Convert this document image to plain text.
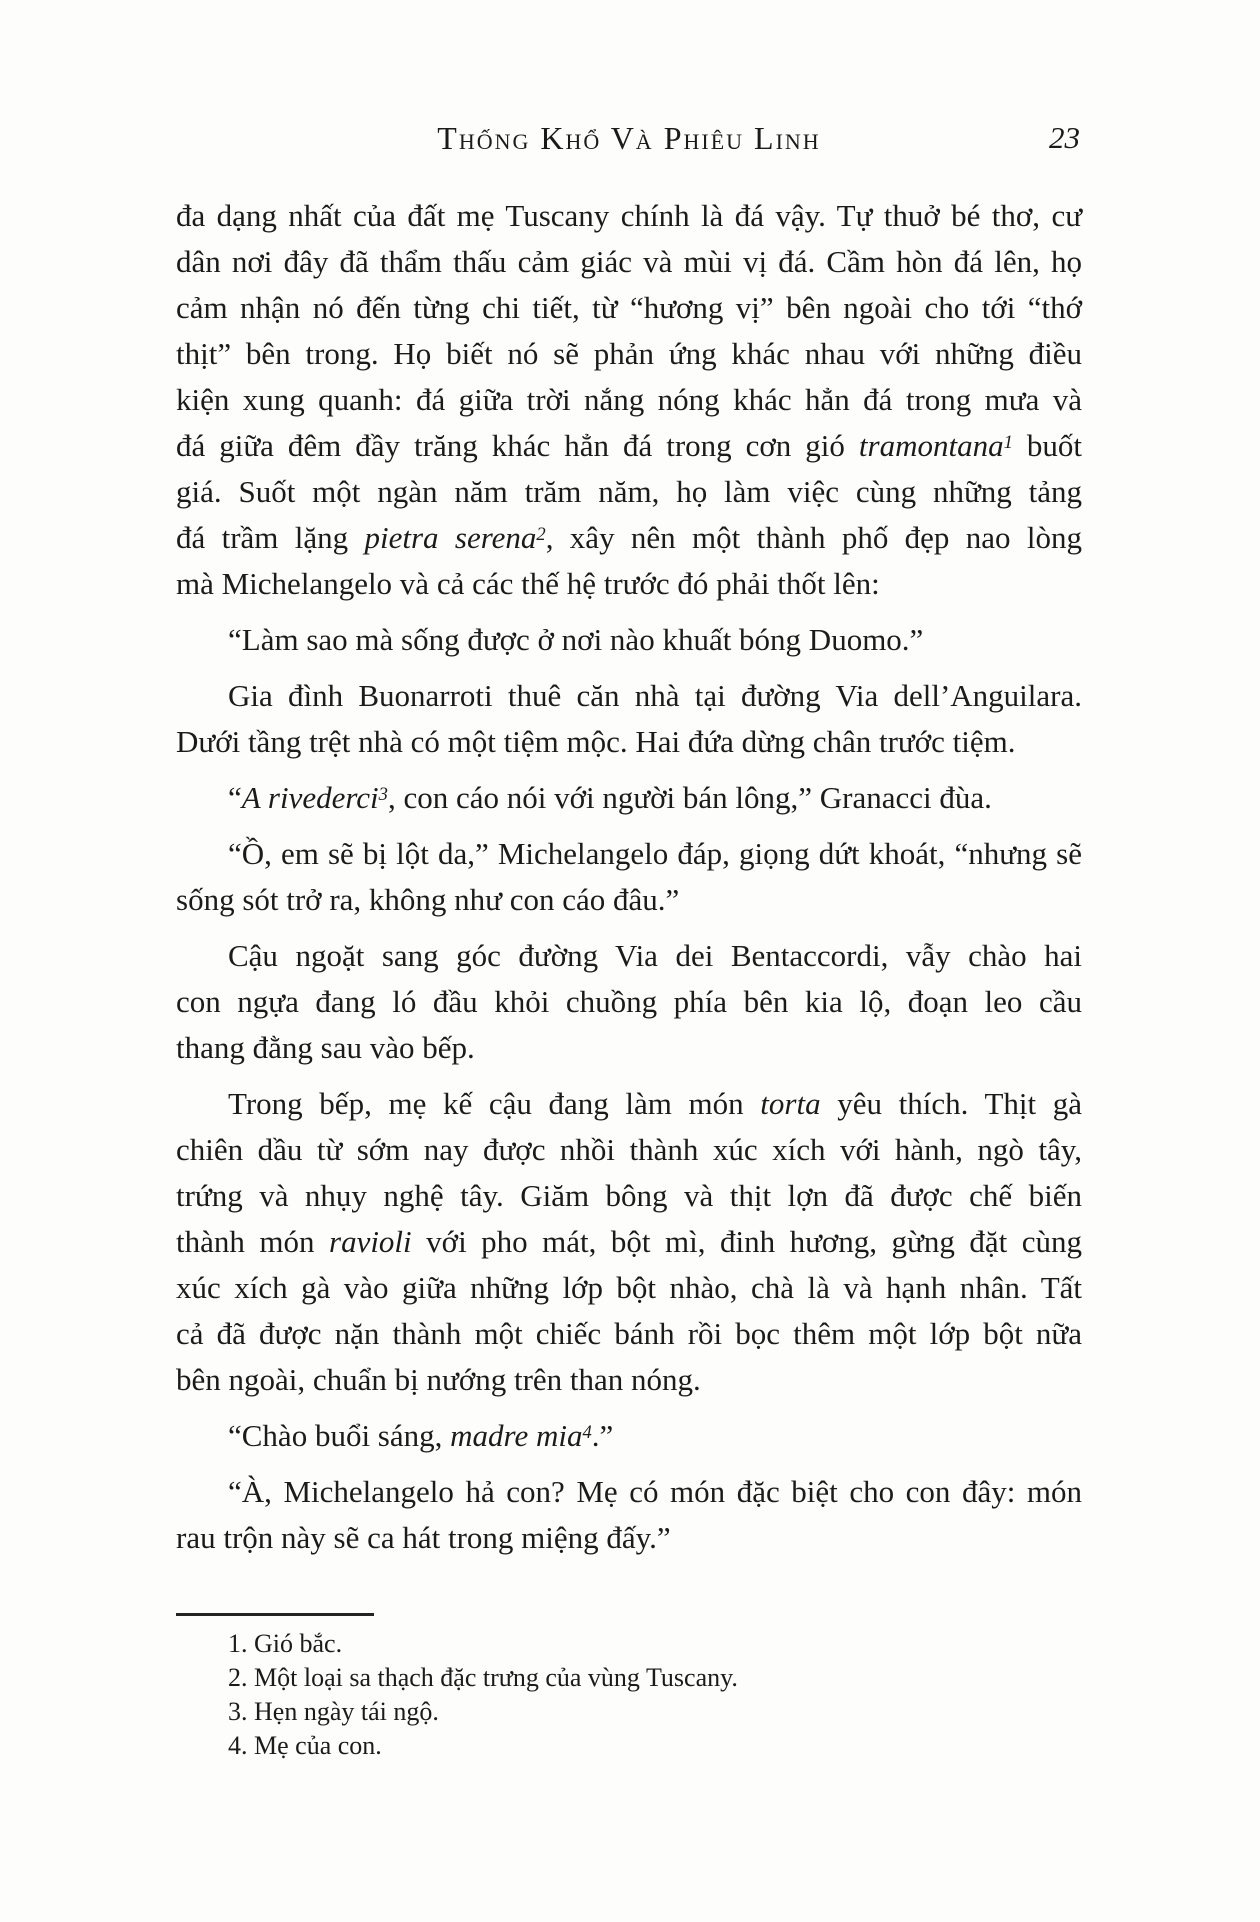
Thống Khổ Và Phiêu Linh	23
đa dạng nhất của đất mẹ Tuscany chính là đá vậy. Tự thuở bé thơ, cư
dân nơi đây đã thẩm thấu cảm giác và mùi vị đá. Cầm hòn đá lên, họ
cảm nhận nó đến từng chi tiết, từ “hương vị” bên ngoài cho tới “thớ
thịt” bên trong. Họ biết nó sẽ phản ứng khác nhau với những điều
kiện xung quanh: đá giữa trời nắng nóng khác hẳn đá trong mưa và
đá giữa đêm đầy trăng khác hẳn đá trong cơn gió tramontana$^1$ buốt
giá. Suốt một ngàn năm trăm năm, họ làm việc cùng những tảng
đá trầm lặng pietra serena$^2$, xây nên một thành phố đẹp nao lòng
mà Michelangelo và cả các thế hệ trước đó phải thốt lên:
“Làm sao mà sống được ở nơi nào khuất bóng Duomo.”
Gia đình Buonarroti thuê căn nhà tại đường Via dell’Anguilara.
Dưới tầng trệt nhà có một tiệm mộc. Hai đứa dừng chân trước tiệm.
“A rivederci$^3$, con cáo nói với người bán lông,” Granacci đùa.
“Ồ, em sẽ bị lột da,” Michelangelo đáp, giọng dứt khoát, “nhưng sẽ
sống sót trở ra, không như con cáo đâu.”
Cậu ngoặt sang góc đường Via dei Bentaccordi, vẫy chào hai
con ngựa đang ló đầu khỏi chuồng phía bên kia lộ, đoạn leo cầu
thang đằng sau vào bếp.
Trong bếp, mẹ kế cậu đang làm món torta yêu thích. Thịt gà
chiên dầu từ sớm nay được nhồi thành xúc xích với hành, ngò tây,
trứng và nhụy nghệ tây. Giăm bông và thịt lợn đã được chế biến
thành món ravioli với pho mát, bột mì, đinh hương, gừng đặt cùng
xúc xích gà vào giữa những lớp bột nhào, chà là và hạnh nhân. Tất
cả đã được nặn thành một chiếc bánh rồi bọc thêm một lớp bột nữa
bên ngoài, chuẩn bị nướng trên than nóng.
“Chào buổi sáng, madre mia$^4$.”
“À, Michelangelo hả con? Mẹ có món đặc biệt cho con đây: món
rau trộn này sẽ ca hát trong miệng đấy.”
1. Gió bắc.
2. Một loại sa thạch đặc trưng của vùng Tuscany.
3. Hẹn ngày tái ngộ.
4. Mẹ của con.
